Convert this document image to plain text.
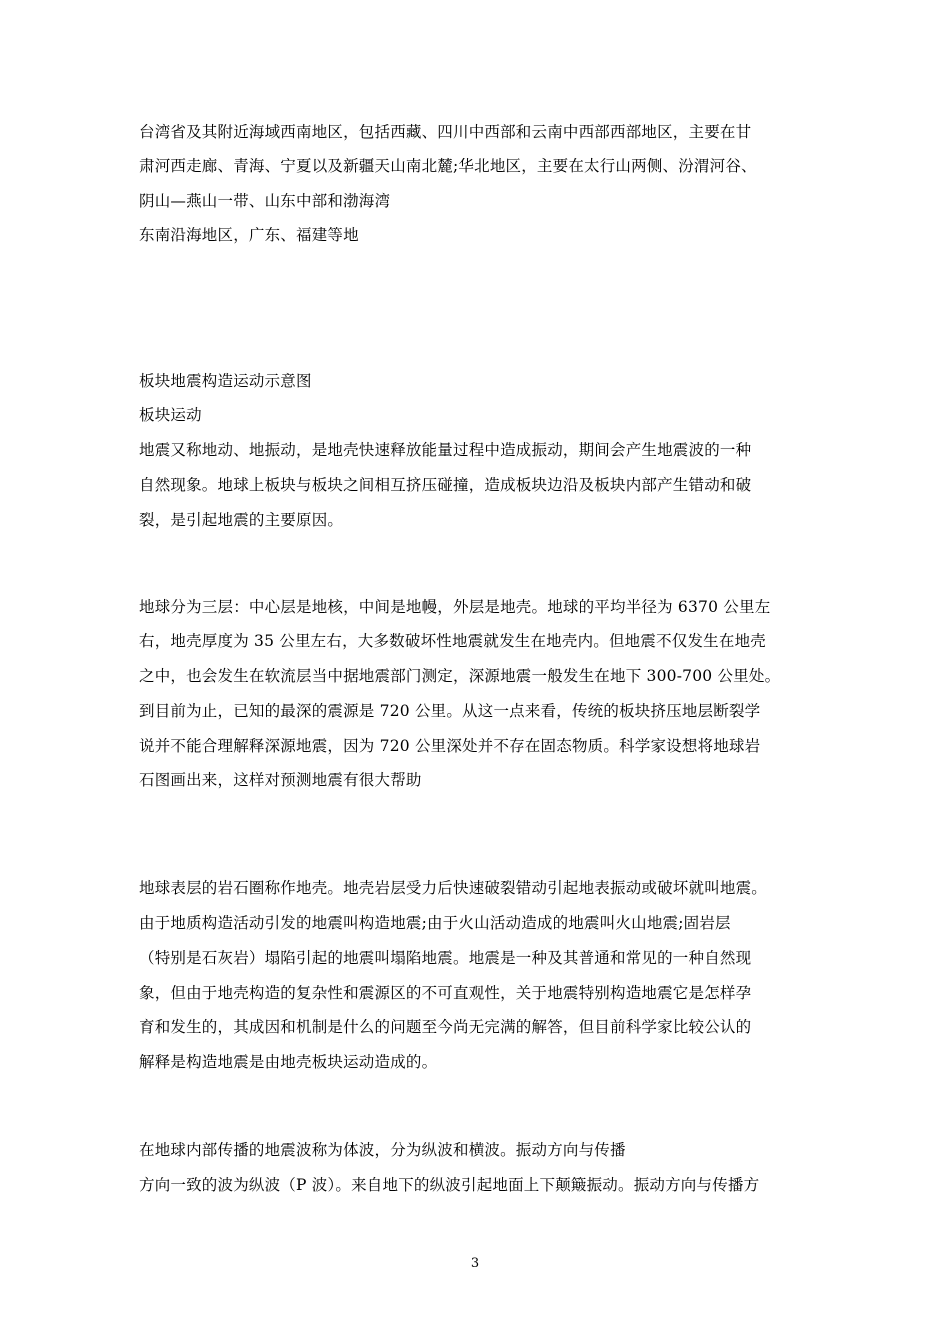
台湾省及其附近海域西南地区，包括西藏、四川中西部和云南中西部西部地区，主要在甘
肃河西走廊、青海、宁夏以及新疆天山南北麓;华北地区，主要在太行山两侧、汾渭河谷、
阴山—燕山一带、山东中部和渤海湾
东南沿海地区，广东、福建等地
板块地震构造运动示意图
板块运动
地震又称地动、地振动，是地壳快速释放能量过程中造成振动，期间会产生地震波的一种
自然现象。地球上板块与板块之间相互挤压碰撞，造成板块边沿及板块内部产生错动和破
裂，是引起地震的主要原因。
地球分为三层：中心层是地核，中间是地幔，外层是地壳。地球的平均半径为 6370 公里左
右，地壳厚度为 35 公里左右，大多数破坏性地震就发生在地壳内。但地震不仅发生在地壳
之中，也会发生在软流层当中据地震部门测定，深源地震一般发生在地下 300-700 公里处。
到目前为止，已知的最深的震源是 720 公里。从这一点来看，传统的板块挤压地层断裂学
说并不能合理解释深源地震，因为 720 公里深处并不存在固态物质。科学家设想将地球岩
石图画出来，这样对预测地震有很大帮助
地球表层的岩石圈称作地壳。地壳岩层受力后快速破裂错动引起地表振动或破坏就叫地震。
由于地质构造活动引发的地震叫构造地震;由于火山活动造成的地震叫火山地震;固岩层
（特别是石灰岩）塌陷引起的地震叫塌陷地震。地震是一种及其普通和常见的一种自然现
象，但由于地壳构造的复杂性和震源区的不可直观性，关于地震特别构造地震它是怎样孕
育和发生的，其成因和机制是什么的问题至今尚无完满的解答，但目前科学家比较公认的
解释是构造地震是由地壳板块运动造成的。
在地球内部传播的地震波称为体波，分为纵波和横波。振动方向与传播
方向一致的波为纵波（P 波）。来自地下的纵波引起地面上下颠簸振动。振动方向与传播方
3
